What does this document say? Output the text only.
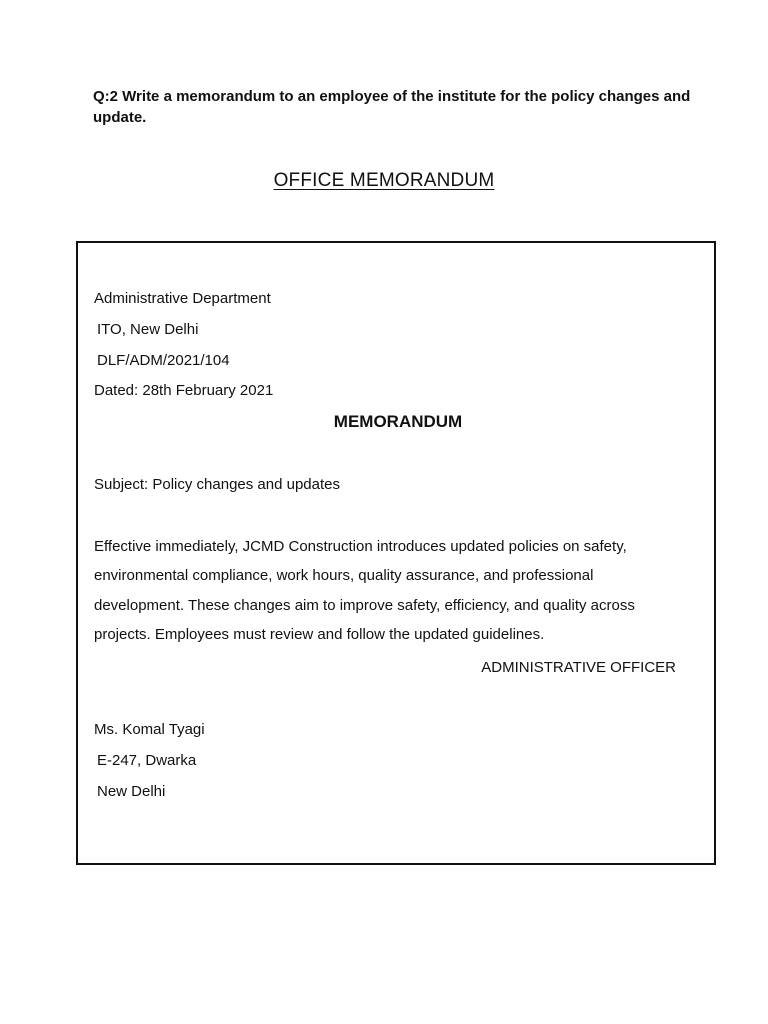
Q:2 Write a memorandum to an employee of the institute for the policy changes and update.
OFFICE MEMORANDUM
Administrative Department
ITO, New Delhi
DLF/ADM/2021/104
Dated: 28th February 2021
MEMORANDUM
Subject: Policy changes and updates
Effective immediately, JCMD Construction introduces updated policies on safety, environmental compliance, work hours, quality assurance, and professional development. These changes aim to improve safety, efficiency, and quality across projects. Employees must review and follow the updated guidelines.
ADMINISTRATIVE OFFICER
Ms. Komal Tyagi
E-247, Dwarka
New Delhi
